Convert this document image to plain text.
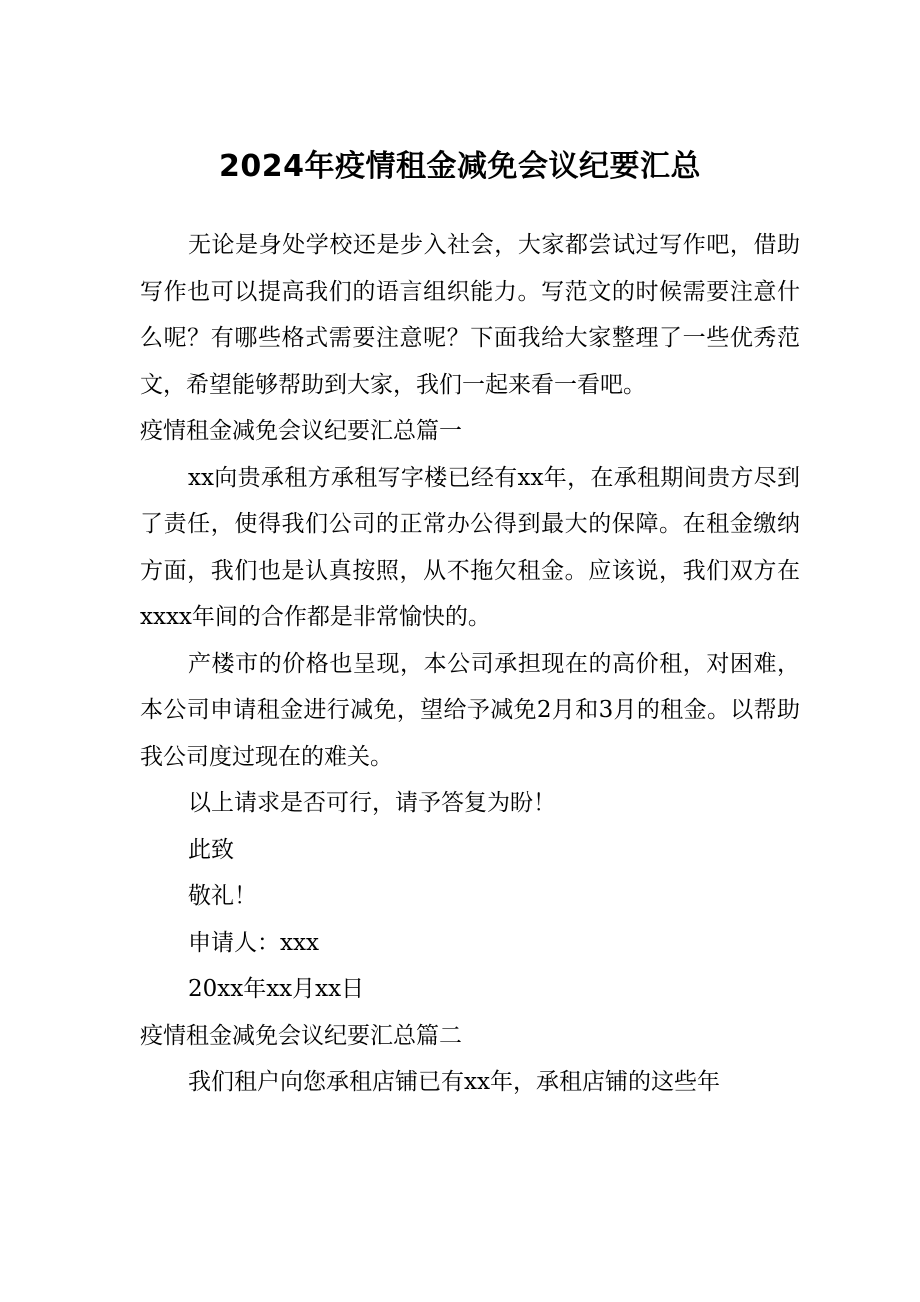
2024年疫情租金减免会议纪要汇总

无论是身处学校还是步入社会，大家都尝试过写作吧，借助写作也可以提高我们的语言组织能力。写范文的时候需要注意什么呢？有哪些格式需要注意呢？下面我给大家整理了一些优秀范文，希望能够帮助到大家，我们一起来看一看吧。

疫情租金减免会议纪要汇总篇一

xx向贵承租方承租写字楼已经有xx年，在承租期间贵方尽到了责任，使得我们公司的正常办公得到最大的保障。在租金缴纳方面，我们也是认真按照，从不拖欠租金。应该说，我们双方在xxxx年间的合作都是非常愉快的。

产楼市的价格也呈现，本公司承担现在的高价租，对困难，本公司申请租金进行减免，望给予减免2月和3月的租金。以帮助我公司度过现在的难关。

以上请求是否可行，请予答复为盼！

此致

敬礼！

申请人：xxx

20xx年xx月xx日

疫情租金减免会议纪要汇总篇二

我们租户向您承租店铺已有xx年，承租店铺的这些年
